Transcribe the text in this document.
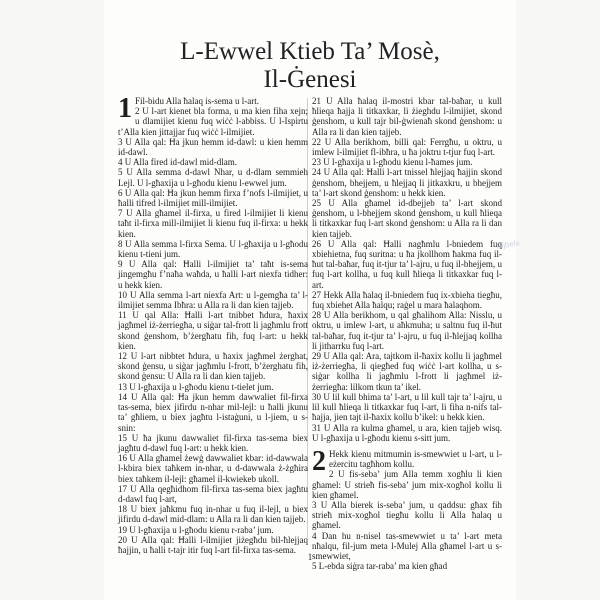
L-Ewwel Ktieb Ta’ Mosè,
Il-Ġenesi

1 Fil-bidu Alla ħalaq is-sema u l-art.

2 U l-art kienet bla forma, u ma kien fiha xejn; u dlamijiet kienu fuq wiċċ l-abbiss. U l-Ispirtu t’Alla kien jittajjar fuq wiċċ l-ilmijiet.

3 U Alla qal: Ħa jkun hemm id-dawl: u kien hemm id-dawl.

4 U Alla fired id-dawl mid-dlam.

5 U Alla semma d-dawl Nhar, u d-dlam semmieh Lejl. U l-għaxija u l-għodu kienu l-ewwel jum.

6 U Alla qal: Ħa jkun hemm firxa f’nofs l-ilmijiet, u ħalli tifred l-ilmijiet mill-ilmijiet.

7 U Alla għamel il-firxa, u fired l-ilmijiet li kienu taħt il-firxa mill-ilmijiet li kienu fuq il-firxa: u hekk kien.

8 U Alla semma l-firxa Sema. U l-għaxija u l-għodu kienu t-tieni jum.

9 U Alla qal: Ħalli l-ilmijiet ta’ taħt is-sema jingemgħu f’naħa waħda, u ħalli l-art niexfa tidher: u hekk kien.

10 U Alla semma l-art niexfa Art: u l-gemgħa ta’ l-ilmijiet semma Ibħra: u Alla ra li dan kien tajjeb.

11 U qal Alla: Ħalli l-art tnibbet ħdura, ħaxix jagħmel iż-żerriegħa, u siġar tal-frott li jagħmlu frott skond ġenshom, b’żergħatu fih, fuq l-art: u hekk kien.

12 U l-art nibbtet ħdura, u ħaxix jagħmel żerghat, skond ġensu, u siġar jagħmlu l-frott, b’żerghatu fih, skond ġensu: U Alla ra li dan kien tajjeb.

13 U l-għaxija u l-għodu kienu t-tielet jum.

14 U Alla qal: Ħa jkun hemm dawwaliet fil-firxa tas-sema, biex jifirdu n-nhar mil-lejl: u ħalli jkunu ta’ għliem, u biex jagħtu l-istaġuni, u l-jiem, u s-snin:

15 U ħa jkunu dawwaliet fil-firxa tas-sema biex jagħtu d-dawl fuq l-art: u hekk kien.

16 U Alla għamel żewġ dawwaliet kbar: id-dawwala l-kbira biex taħkem in-nhar, u d-dawwala ż-żgħira biex taħkem il-lejl: għamel il-kwiekeb ukoll.

17 U Alla qegħidhom fil-firxa tas-sema biex jagħtu d-dawl fuq l-art,

18 U biex jaħkmu fuq in-nhar u fuq il-lejl, u biex jifirdu d-dawl mid-dlam: u Alla ra li dan kien tajjeb.

19 U l-għaxija u l-għodu kienu r-raba’ jum.

20 U Alla qal: Ħalli l-ilmijiet jiżegħdu bil-ħlejjaq ħajjin, u ħalli t-tajr itir fuq l-art fil-firxa tas-sema.

21 U Alla ħalaq il-mostri kbar tal-baħar, u kull ħlieqa ħajja li titkaxkar, li żieghdu l-ilmijiet, skond ġenshom, u kull tajr bil-ġwienaħ skond ġenshom: u Alla ra li dan kien tajjeb.

22 U Alla berikhom, billi qal: Ferrgħu, u oktru, u imlew l-ilmijiet fl-ibħra, u ħa joktru t-tjur fuq l-art.

23 U l-għaxija u l-għodu kienu l-ħames jum.

24 U Alla qal: Ħalli l-art tnissel ħlejjaq ħajjin skond ġenshom, bhejjem, u ħlejjaq li jitkaxkru, u bhejjem ta’ l-art skond ġenshom: u hekk kien.

25 U Alla għamel id-dbejjeb ta’ l-art skond ġenshom, u l-bhejjem skond ġenshom, u kull ħlieqa li titkaxkar fuq l-art skond ġenshom: u Alla ra li dan kien tajjeb.

26 U Alla qal: Ħalli nagħmlu l-bniedem fuq xbiehietna, fuq suritna: u ħa jkollhom ħakma fuq il-ħut tal-baħar, fuq it-tjur ta’ l-ajru, u fuq il-bhejjem, u fuq l-art kollha, u fuq kull ħlieqa li titkaxkar fuq l-art.

27 Hekk Alla ħalaq il-bniedem fuq ix-xbieha tiegħu, fuq xbiehet Alla ħalqu; raġel u mara ħalaqhom.

28 U Alla berikhom, u qal għalihom Alla: Nisslu, u oktru, u imlew l-art, u aħkmuha; u saltnu fuq il-ħut tal-baħar, fuq it-tjur ta’ l-ajru, u fuq il-ħlejjaq kollha li jitharrku fuq l-art.

29 U Alla qal: Ara, tajtkom il-ħaxix kollu li jagħmel iż-żerriegħa, li qiegħed fuq wiċċ l-art kollha, u s-siġar kollha li jagħmlu l-frott li jagħmel iż-żerriegħa: lilkom tkun ta’ ikel.

30 U lil kull bhima ta’ l-art, u lil kull tajr ta’ l-ajru, u lil kull ħlieqa li titkaxkar fuq l-art, li fiha n-nifs tal-ħajja, jien tajt il-ħaxix kollu b’ikel: u hekk kien.

31 U Alla ra kulma għamel, u ara, kien tajjeb wisq. U l-għaxija u l-għodu kienu s-sitt jum.

2 Hekk kienu mitmumin is-smewwiet u l-art, u l-eżercitu tagħhom kollu.

2 U fis-seba’ jum Alla temm xogħlu li kien għamel: U strieħ fis-seba’ jum mix-xogħol kollu li kien għamel.

3 U Alla bierek is-seba’ jum, u qaddsu: għax fih strieħ mix-xogħol tiegħu kollu li Alla ħalaq u għamel.

4 Dan hu n-nisel tas-smewwiet u ta’ l-art meta nħalqu, fil-jum meta l-Mulej Alla għamel l-art u s-smewwiet,

5 L-ebda siġra tar-raba’ ma kien għad

Bijbels
1
